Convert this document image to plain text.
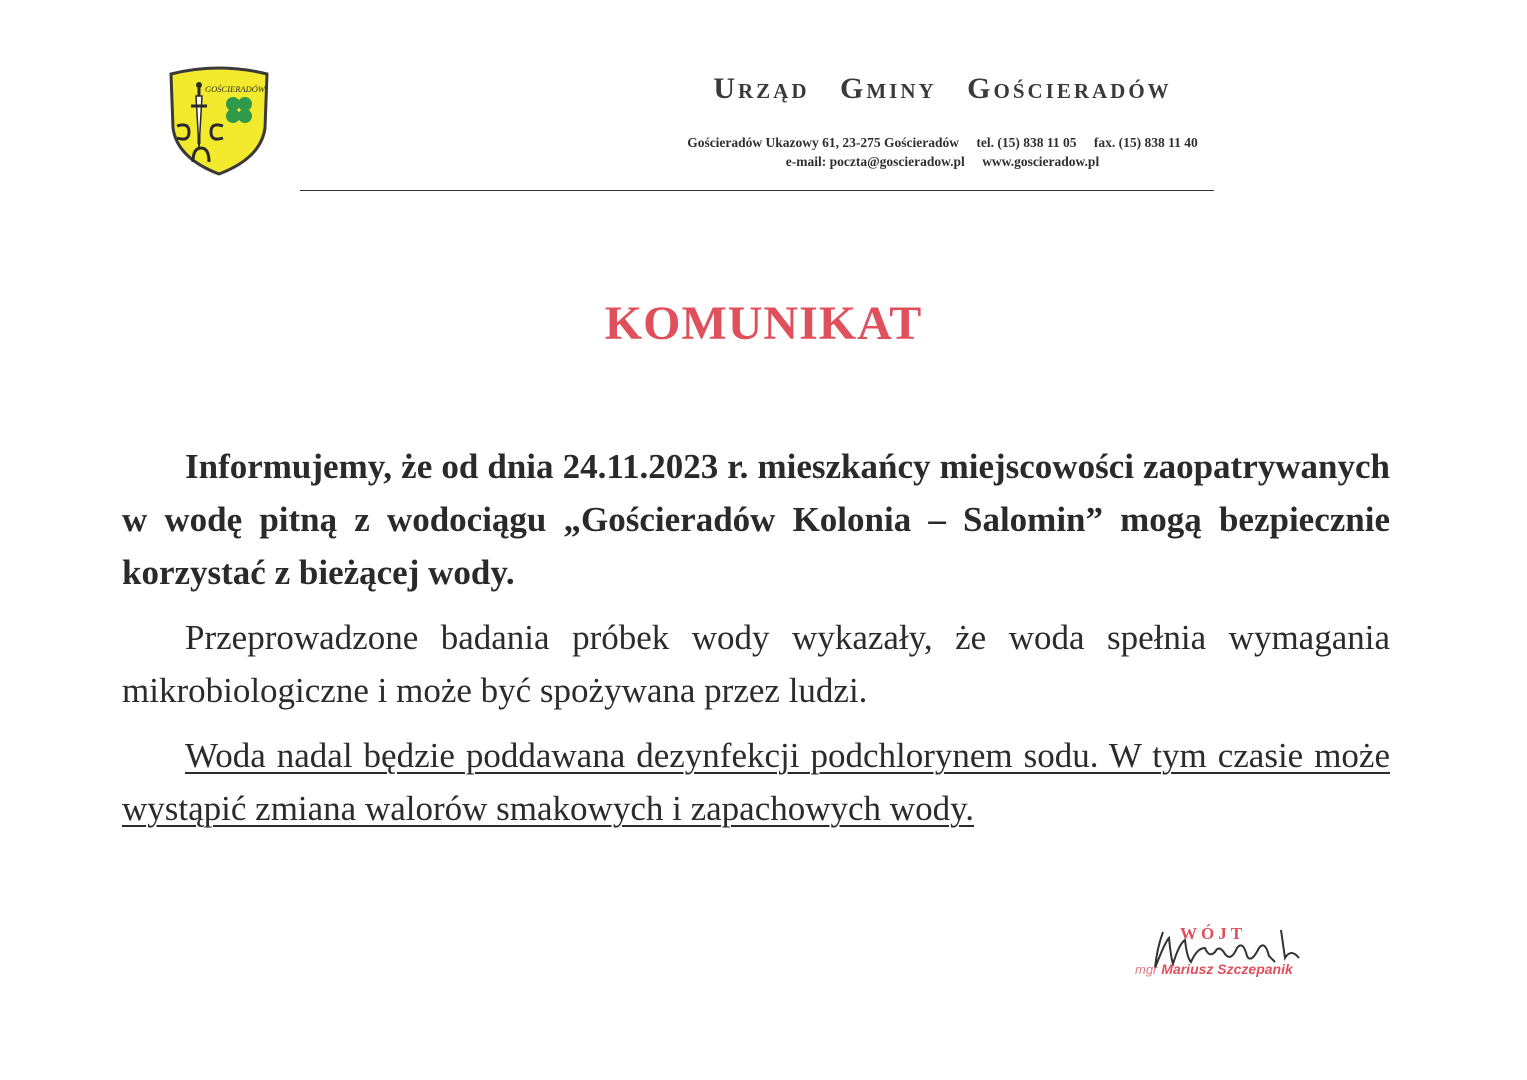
GOŚCIERADÓW	Urząd Gminy Gościeradów
Gościeradów Ukazowy 61, 23-275 Gościeradów tel. (15) 838 11 05 fax. (15) 838 11 40
e-mail: poczta@goscieradow.pl www.goscieradow.pl
KOMUNIKAT

Informujemy, że od dnia 24.11.2023 r. mieszkańcy miejscowości zaopatrywanych w wodę pitną z wodociągu „Gościeradów Kolonia – Salomin” mogą bezpiecznie korzystać z bieżącej wody.

Przeprowadzone badania próbek wody wykazały, że woda spełnia wymagania mikrobiologiczne i może być spożywana przez ludzi.

Woda nadal będzie poddawana dezynfekcji podchlorynem sodu. W tym czasie może wystąpić zmiana walorów smakowych i zapachowych wody.

WÓJT
mgr Mariusz Szczepanik
